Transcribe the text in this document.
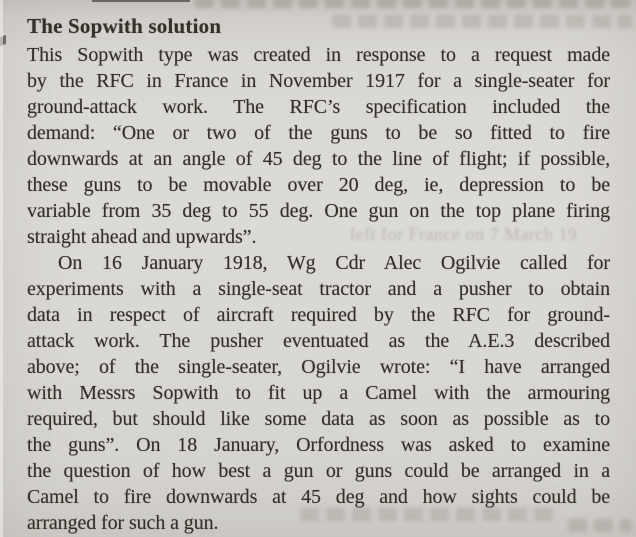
left for France on 7 March 19
The Sopwith solution
This Sopwith type was created in response to a request made
by the RFC in France in November 1917 for a single-seater for
ground-attack work. The RFC’s specification included the
demand: “One or two of the guns to be so fitted to fire
downwards at an angle of 45 deg to the line of flight; if possible,
these guns to be movable over 20 deg, ie, depression to be
variable from 35 deg to 55 deg. One gun on the top plane firing
straight ahead and upwards”.
On 16 January 1918, Wg Cdr Alec Ogilvie called for
experiments with a single-seat tractor and a pusher to obtain
data in respect of aircraft required by the RFC for ground-
attack work. The pusher eventuated as the A.E.3 described
above; of the single-seater, Ogilvie wrote: “I have arranged
with Messrs Sopwith to fit up a Camel with the armouring
required, but should like some data as soon as possible as to
the guns”. On 18 January, Orfordness was asked to examine
the question of how best a gun or guns could be arranged in a
Camel to fire downwards at 45 deg and how sights could be
arranged for such a gun.
